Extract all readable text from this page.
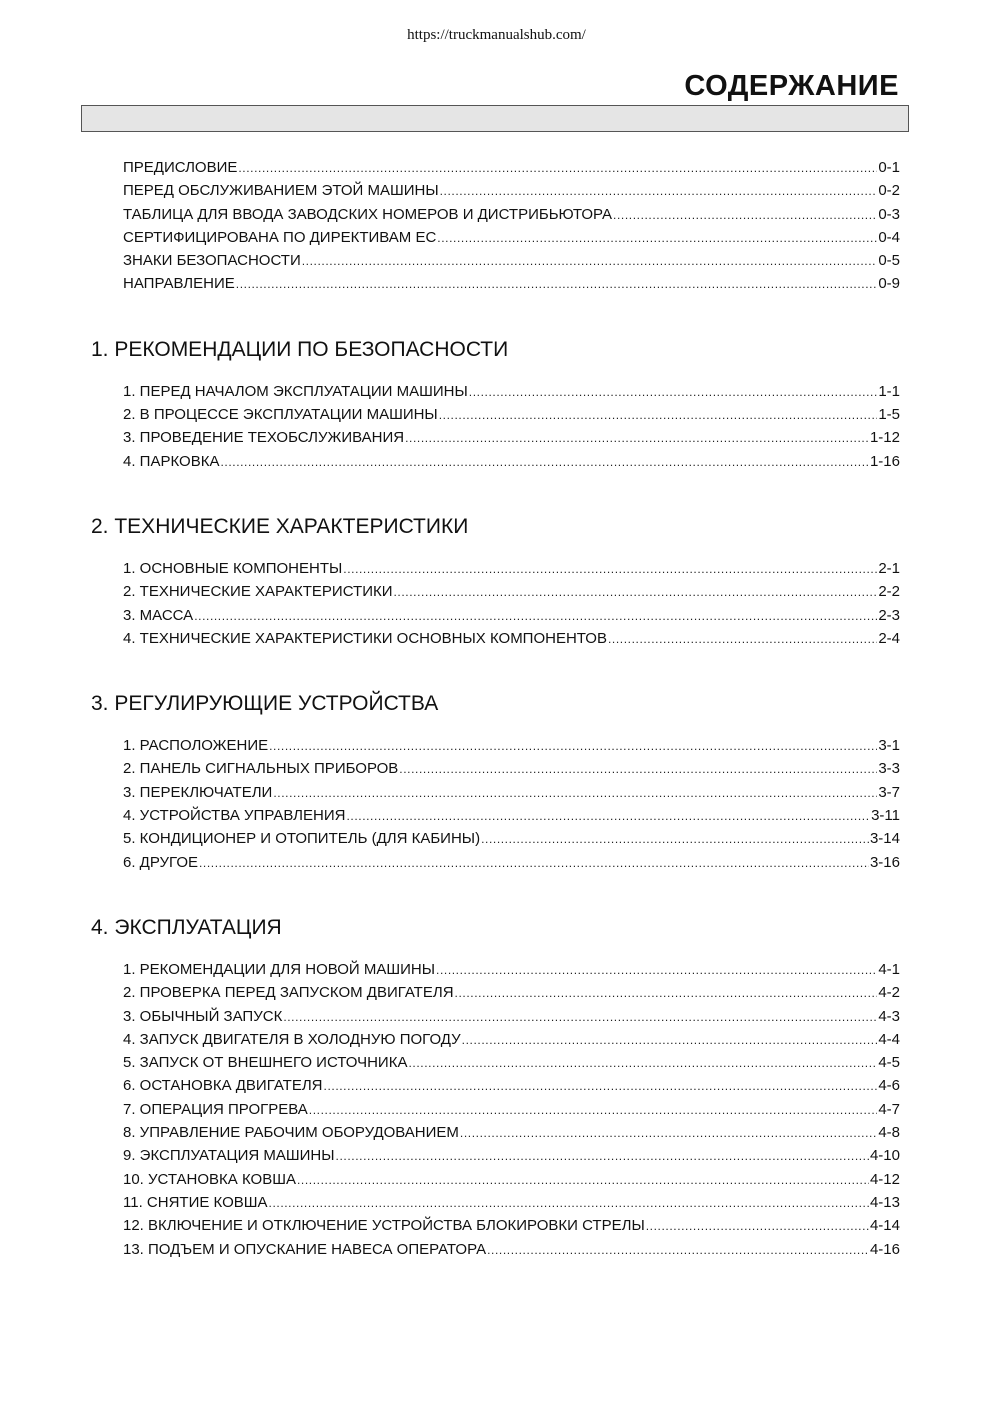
https://truckmanualshub.com/
СОДЕРЖАНИЕ
ПРЕДИСЛОВИЕ .....	0-1
ПЕРЕД ОБСЛУЖИВАНИЕМ ЭТОЙ МАШИНЫ .....	0-2
ТАБЛИЦА ДЛЯ ВВОДА ЗАВОДСКИХ НОМЕРОВ И ДИСТРИБЬЮТОРА .....	0-3
СЕРТИФИЦИРОВАНА ПО ДИРЕКТИВАМ ЕС .....	0-4
ЗНАКИ БЕЗОПАСНОСТИ .....	0-5
НАПРАВЛЕНИЕ .....	0-9
1. РЕКОМЕНДАЦИИ ПО БЕЗОПАСНОСТИ
1. ПЕРЕД НАЧАЛОМ ЭКСПЛУАТАЦИИ МАШИНЫ .....	1-1
2. В ПРОЦЕССЕ ЭКСПЛУАТАЦИИ МАШИНЫ .....	1-5
3. ПРОВЕДЕНИЕ ТЕХОБСЛУЖИВАНИЯ .....	1-12
4. ПАРКОВКА .....	1-16
2. ТЕХНИЧЕСКИЕ ХАРАКТЕРИСТИКИ
1. ОСНОВНЫЕ КОМПОНЕНТЫ .....	2-1
2. ТЕХНИЧЕСКИЕ ХАРАКТЕРИСТИКИ .....	2-2
3. МАССА .....	2-3
4. ТЕХНИЧЕСКИЕ ХАРАКТЕРИСТИКИ ОСНОВНЫХ КОМПОНЕНТОВ .....	2-4
3. РЕГУЛИРУЮЩИЕ УСТРОЙСТВА
1. РАСПОЛОЖЕНИЕ .....	3-1
2. ПАНЕЛЬ СИГНАЛЬНЫХ ПРИБОРОВ .....	3-3
3. ПЕРЕКЛЮЧАТЕЛИ .....	3-7
4. УСТРОЙСТВА УПРАВЛЕНИЯ .....	3-11
5. КОНДИЦИОНЕР И ОТОПИТЕЛЬ (ДЛЯ КАБИНЫ) .....	3-14
6. ДРУГОЕ .....	3-16
4. ЭКСПЛУАТАЦИЯ
1. РЕКОМЕНДАЦИИ ДЛЯ НОВОЙ МАШИНЫ .....	4-1
2. ПРОВЕРКА ПЕРЕД ЗАПУСКОМ ДВИГАТЕЛЯ .....	4-2
3. ОБЫЧНЫЙ ЗАПУСК .....	4-3
4. ЗАПУСК ДВИГАТЕЛЯ В ХОЛОДНУЮ ПОГОДУ .....	4-4
5. ЗАПУСК ОТ ВНЕШНЕГО ИСТОЧНИКА .....	4-5
6. ОСТАНОВКА ДВИГАТЕЛЯ .....	4-6
7. ОПЕРАЦИЯ ПРОГРЕВА .....	4-7
8. УПРАВЛЕНИЕ РАБОЧИМ ОБОРУДОВАНИЕМ .....	4-8
9. ЭКСПЛУАТАЦИЯ МАШИНЫ .....	4-10
10. УСТАНОВКА КОВША .....	4-12
11. СНЯТИЕ КОВША .....	4-13
12. ВКЛЮЧЕНИЕ И ОТКЛЮЧЕНИЕ УСТРОЙСТВА БЛОКИРОВКИ СТРЕЛЫ .....	4-14
13. ПОДЪЕМ И ОПУСКАНИЕ НАВЕСА ОПЕРАТОРА .....	4-16
